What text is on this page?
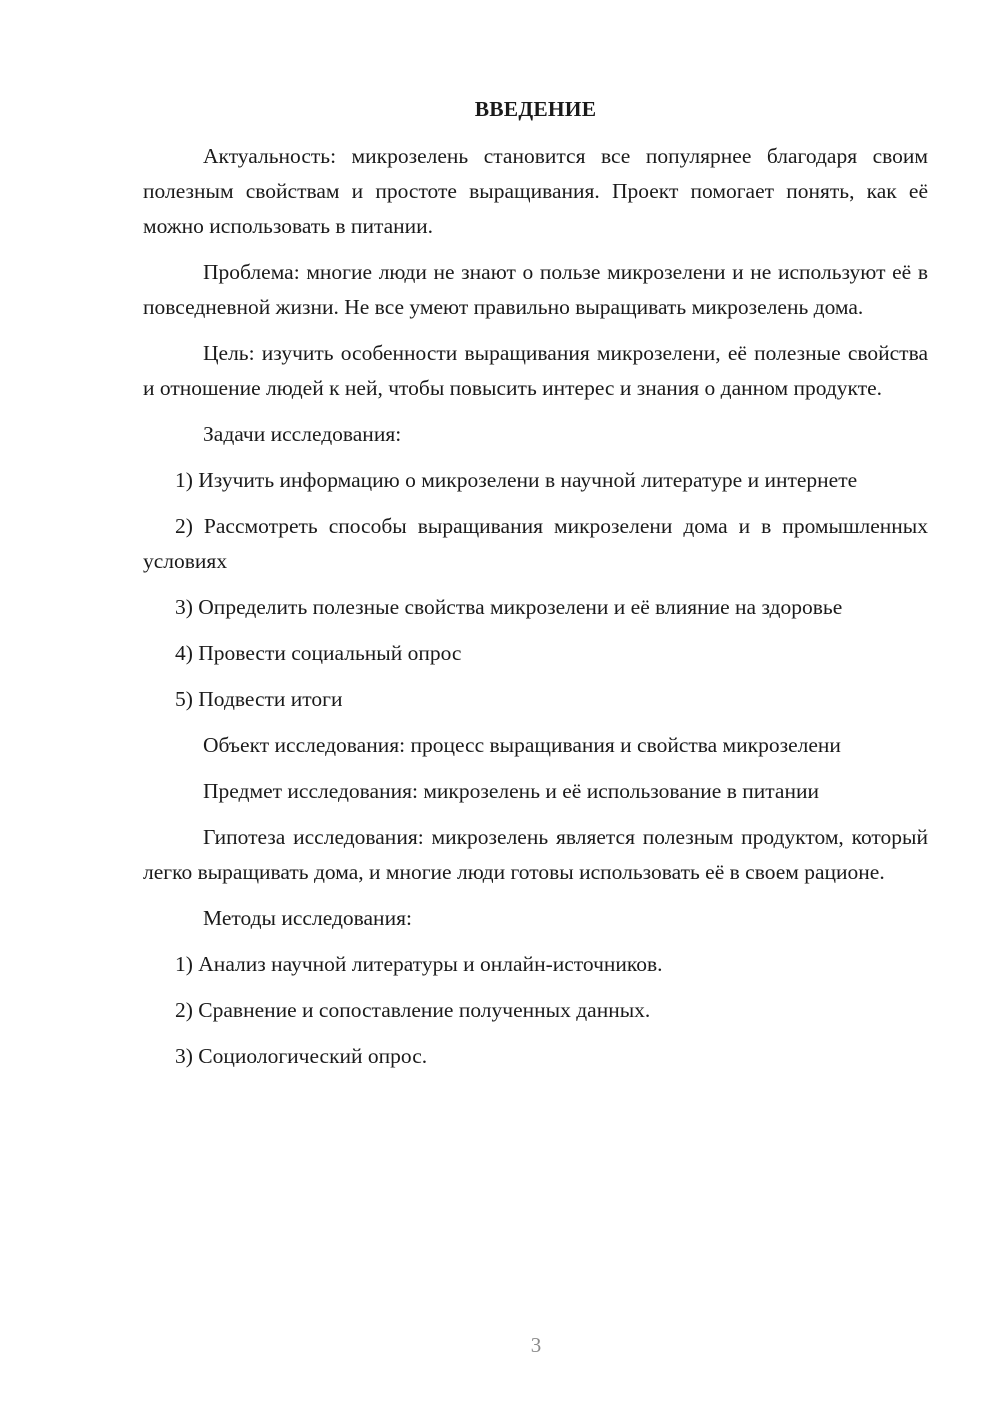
ВВЕДЕНИЕ

Актуальность: микрозелень становится все популярнее благодаря своим полезным свойствам и простоте выращивания. Проект помогает понять, как её можно использовать в питании.

Проблема: многие люди не знают о пользе микрозелени и не используют её в повседневной жизни. Не все умеют правильно выращивать микрозелень дома.

Цель: изучить особенности выращивания микрозелени, её полезные свойства и отношение людей к ней, чтобы повысить интерес и знания о данном продукте.

Задачи исследования:

1) Изучить информацию о микрозелени в научной литературе и интернете

2) Рассмотреть способы выращивания микрозелени дома и в промышленных условиях

3) Определить полезные свойства микрозелени и её влияние на здоровье

4) Провести социальный опрос

5) Подвести итоги

Объект исследования: процесс выращивания и свойства микрозелени

Предмет исследования: микрозелень и её использование в питании

Гипотеза исследования: микрозелень является полезным продуктом, который легко выращивать дома, и многие люди готовы использовать её в своем рационе.

Методы исследования:

1) Анализ научной литературы и онлайн-источников.

2) Сравнение и сопоставление полученных данных.

3) Социологический опрос.

3
